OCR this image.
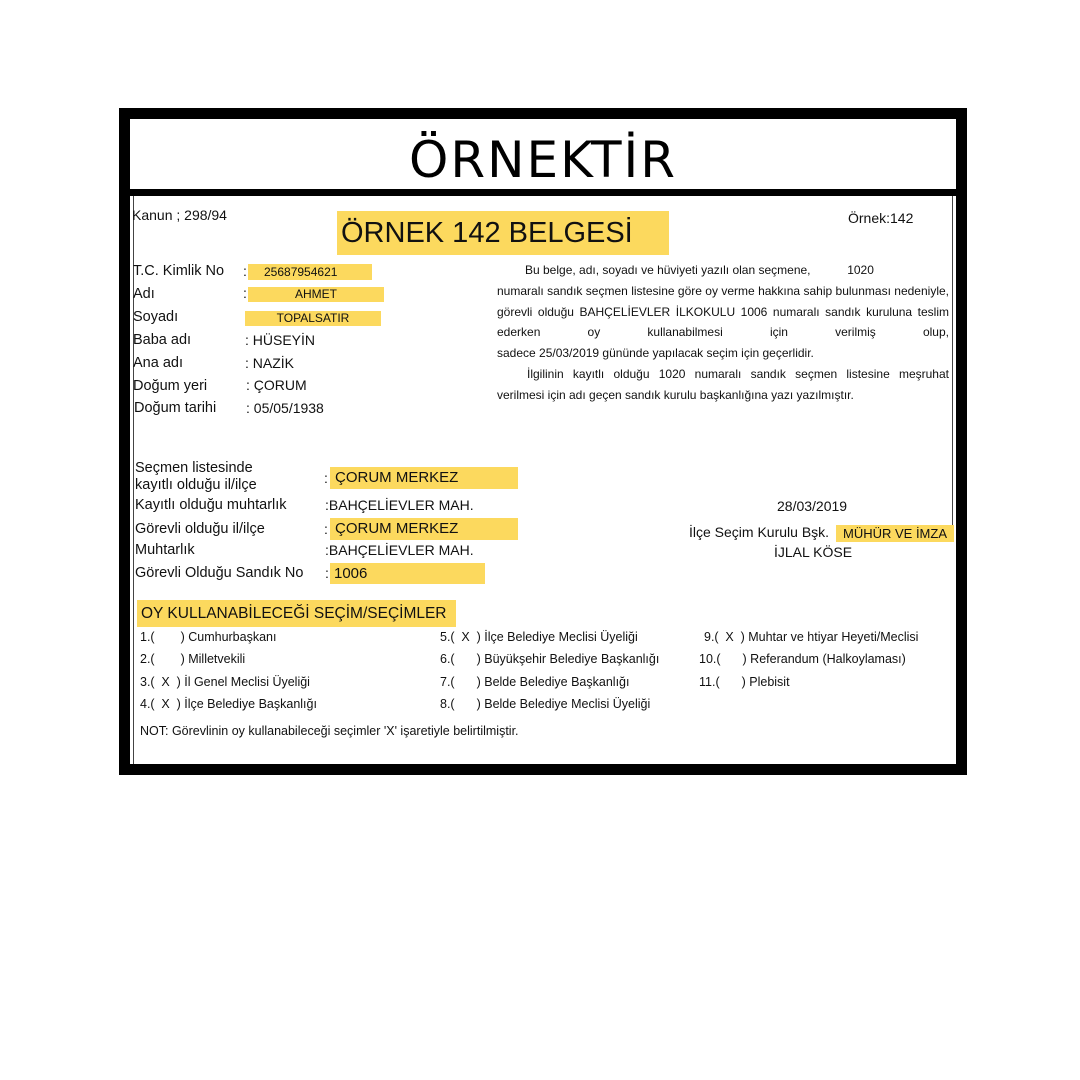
ÖRNEKTİR
Kanun ; 298/94
ÖRNEK 142 BELGESİ	Örnek:142
T.C. Kimlik No :	25687954621
Adı	:	AHMET
Soyadı	TOPALSATIR
Baba adı	: HÜSEYİN
Ana adı	: NAZİK
Doğum yeri	: ÇORUM
Doğum tarihi : 05/05/1938

Bu belge, adı, soyadı ve hüviyeti yazılı olan seçmene,	1020

numaralı sandık seçmen listesine göre oy verme hakkına sahip bulunması nedeniyle, görevli olduğu BAHÇELİEVLER İLKOKULU 1006 numaralı sandık kuruluna teslim ederken oy kullanabilmesi için verilmiş olup,

sadece 25/03/2019 gününde yapılacak seçim için geçerlidir.

İlgilinin kayıtlı olduğu 1020 numaralı sandık seçmen listesine meşruhat

verilmesi için adı geçen sandık kurulu başkanlığına yazı yazılmıştır.

Seçmen listesinde
kayıtlı olduğu il/ilçe	: ÇORUM MERKEZ
Kayıtlı olduğu muhtarlık	:BAHÇELİEVLER MAH.
Görevli olduğu il/ilçe	: ÇORUM MERKEZ
Muhtarlık	:BAHÇELİEVLER MAH.
Görevli Olduğu Sandık No : 1006
28/03/2019
İlçe Seçim Kurulu Bşk.	MÜHÜR VE İMZA
İJLAL KÖSE
OY KULLANABİLECEĞİ SEÇİM/SEÇİMLER
1.( ) Cumhurbaşkanı
2.( ) Milletvekili
3.( X ) İl Genel Meclisi Üyeliği
4.( X ) İlçe Belediye Başkanlığı
5.( X ) İlçe Belediye Meclisi Üyeliği
6.( ) Büyükşehir Belediye Başkanlığı
7.( ) Belde Belediye Başkanlığı
8.( ) Belde Belediye Meclisi Üyeliği
9.( X ) Muhtar ve htiyar Heyeti/Meclisi
10.( ) Referandum (Halkoylaması)
11.( ) Plebisit
NOT: Görevlinin oy kullanabileceği seçimler 'X' işaretiyle belirtilmiştir.
